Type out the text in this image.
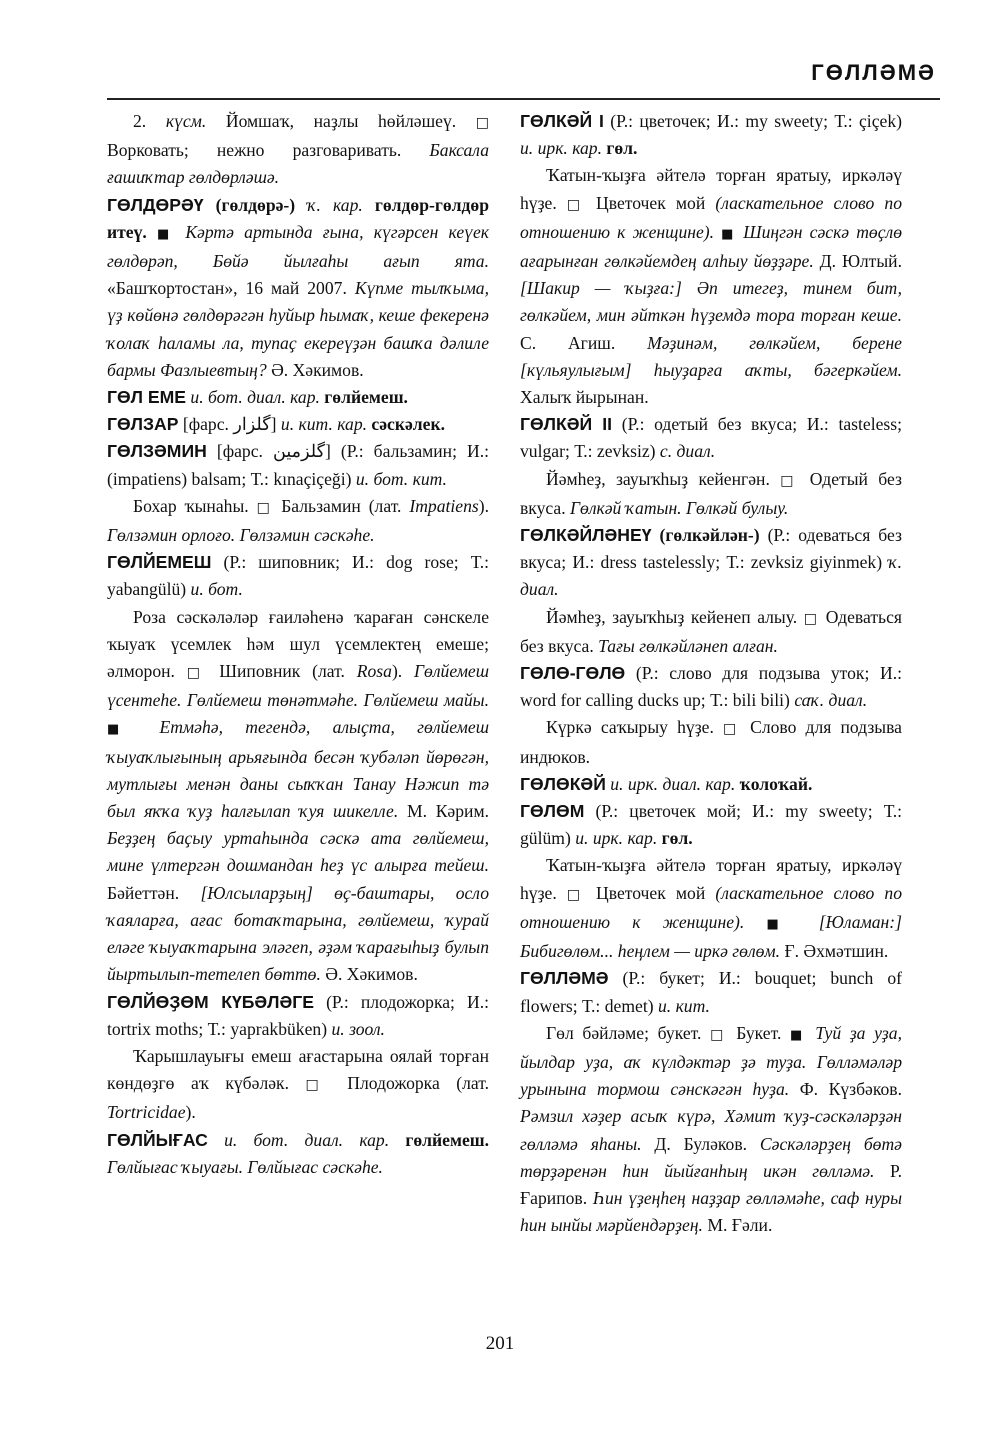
ГӨЛЛӘМӘ

2. күсм. Йомшаҡ, наҙлы һөйләшеү. □ Ворковать; нежно разговаривать. Баксала ғашиҡтар гөлдөрләшә.

ГӨЛДӨРӘҮ (гөлдөрә-) ҡ. кар. гөлдөр-гөлдөр итеү. ■ Кәртә артында ғына, күгәрсен кеүек гөлдөрәп, Бөйә йылғаһы ағып ята. «Башҡортостан», 16 май 2007. Күпме тылҡыма, үҙ көйөнә гөлдөрәгән һуйыр һымаҡ, кеше фекеренә ҡолаҡ һаламы ла, тупаҫ екереүҙән башҡа дәлиле бармы Фазлыевтың? Ә. Хәкимов.

ГӨЛ ЕМЕ и. бот. диал. кар. гөлйемеш.

ГӨЛЗАР [фарс. گلزار] и. кит. кар. сәскәлек.

ГӨЛЗӘМИН [фарс. گلزمين] (Р.: бальзамин; И.: (impatiens) balsam; Т.: kınaçiçeği) и. бот. кит.

Бохар ҡынаһы. □ Бальзамин (лат. Impatiens). Гөлзәмин орлоғо. Гөлзәмин сәскәһе.

ГӨЛЙЕМЕШ (Р.: шиповник; И.: dog rose; Т.: yabangülü) и. бот.

Роза сәскәләләр ғаиләһенә ҡараған сәнскеле ҡыуаҡ үсемлек һәм шул үсемлектең емеше; әлморон. □ Шиповник (лат. Rosa). Гөлйемеш үсентеһе. Гөлйемеш төнәтмәһе. Гөлйемеш майы. ■ Етмәһә, тегендә, алыҫта, гөлйемеш ҡыуаҡлығының арьяғында бесән ҡубәләп йөрөгән, мутлығы менән даны сыҡҡан Танау Нәжип тә был яҡҡа ҡуҙ һалғылап ҡуя шикелле. М. Кәрим. Беҙҙең баҫыу уртаһында сәскә ата гөлйемеш, мине үлтергән дошмандан һеҙ үс алырға тейеш. Бәйеттән. [Юлсыларҙың] өҫ-баштары, осло ҡаяларға, ағас ботаҡтарына, гөлйемеш, ҡурай еләге ҡыуаҡтарына эләгеп, әҙәм ҡарағыһыҙ булып йыртылып-тетелеп бөттө. Ә. Хәкимов.

ГӨЛЙӨҘӨМ КҮБӘЛӘГЕ (Р.: плодожорка; И.: tortrix moths; Т.: yaprakbüken) и. зоол.

Ҡарышлауығы емеш ағастарына оялай торған көндөҙгө аҡ күбәләк. □ Плодожорка (лат. Tortricidae).

ГӨЛЙЫҒАС и. бот. диал. кар. гөлйемеш. Гөлйығас ҡыуағы. Гөлйығас сәскәһе.

ГӨЛКӘЙ I (Р.: цветочек; И.: my sweety; Т.: çiçek) и. ирк. кар. гөл.

Ҡатын-ҡыҙға әйтелә торған яратыу, иркәләү һүҙе. □ Цветочек мой (ласкательное слово по отношению к женщине). ■ Шиңгән сәскә төҫлө ағарынған гөлкәйемдең алһыу йөҙҙәре. Д. Юлтый. [Шакир — ҡыҙға:] Әп итегеҙ, тинем бит, гөлкәйем, мин әйткән һүҙемдә тора торған кеше. С. Агиш. Мәҙинәм, гөлкәйем, берене [күльяулығым] һыуҙарға аҡты, бәгеркәйем. Халыҡ йырынан.

ГӨЛКӘЙ II (Р.: одетый без вкуса; И.: tasteless; vulgar; Т.: zevksiz) с. диал.

Йәмһеҙ, зауыҡһыҙ кейенгән. □ Одетый без вкуса. Гөлкәй ҡатын. Гөлкәй булыу.

ГӨЛКӘЙЛӘНЕҮ (гөлкәйлән-) (Р.: одеваться без вкуса; И.: dress tastelessly; Т.: zevksiz giyinmek) ҡ. диал.

Йәмһеҙ, зауыҡһыҙ кейенеп алыу. □ Одеваться без вкуса. Тағы гөлкәйләнеп алған.

ГӨЛӨ-ГӨЛӨ (Р.: слово для подзыва уток; И.: word for calling ducks up; Т.: bili bili) саҡ. диал.

Күркә саҡырыу һүҙе. □ Слово для подзыва индюков.

ГӨЛӨКӘЙ и. ирк. диал. кар. ҡолоҡай.

ГӨЛӨМ (Р.: цветочек мой; И.: my sweety; Т.: gülüm) и. ирк. кар. гөл.

Ҡатын-ҡыҙға әйтелә торған яратыу, иркәләү һүҙе. □ Цветочек мой (ласкательное слово по отношению к женщине). ■ [Юламан:] Бибигөлөм... һеңлем — иркә гөлөм. Ғ. Әхмәтшин.

ГӨЛЛӘМӘ (Р.: букет; И.: bouquet; bunch of flowers; Т.: demet) и. кит.

Гөл бәйләме; букет. □ Букет. ■ Туй ҙа уҙа, йылдар уҙа, аҡ күлдәктәр ҙә туҙа. Гөлләмәләр урынына тормош сәнскәгән һуҙа. Ф. Күзбәков. Рәмзил хәҙер асыҡ күрә, Хәмит ҡуҙ-сәскәләрҙән гөлләмә яһаны. Д. Буләков. Сәскәләрҙең бөтә төрҙәренән һин йыйғанһың икән гөлләмә. Р. Ғарипов. Һин үҙеңһең наҙҙар гөлләмәһе, саф нуры һин ынйы мәрйендәрҙең. М. Ғәли.

201
